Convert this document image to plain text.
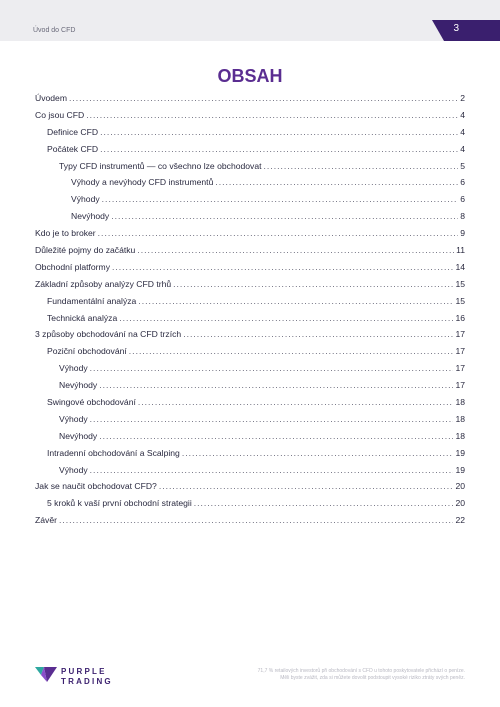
Úvod do CFD	3
OBSAH
Úvodem .....	2
Co jsou CFD .....	4
Definice CFD .....	4
Počátek CFD .....	4
Typy CFD instrumentů — co všechno lze obchodovat .....	5
Výhody a nevýhody CFD instrumentů .....	6
Výhody .....	6
Nevýhody .....	8
Kdo je to broker .....	9
Důležité pojmy do začátku .....	11
Obchodní platformy .....	14
Základní způsoby analýzy CFD trhů .....	15
Fundamentální analýza .....	15
Technická analýza .....	16
3 způsoby obchodování na CFD trzích .....	17
Poziční obchodování .....	17
Výhody .....	17
Nevýhody .....	17
Swingové obchodování .....	18
Výhody .....	18
Nevýhody .....	18
Intradenní obchodování a Scalping .....	19
Výhody .....	19
Jak se naučit obchodovat CFD? .....	20
5 kroků k vaší první obchodní strategii .....	20
Závěr .....	22
PURPLE
TRADING
71,7 % retailových investorů při obchodování s CFD u tohoto poskytovatele přichází o peníze.
Měli byste zvážit, zda si můžete dovolit podstoupit vysoké riziko ztráty svých peněz.
